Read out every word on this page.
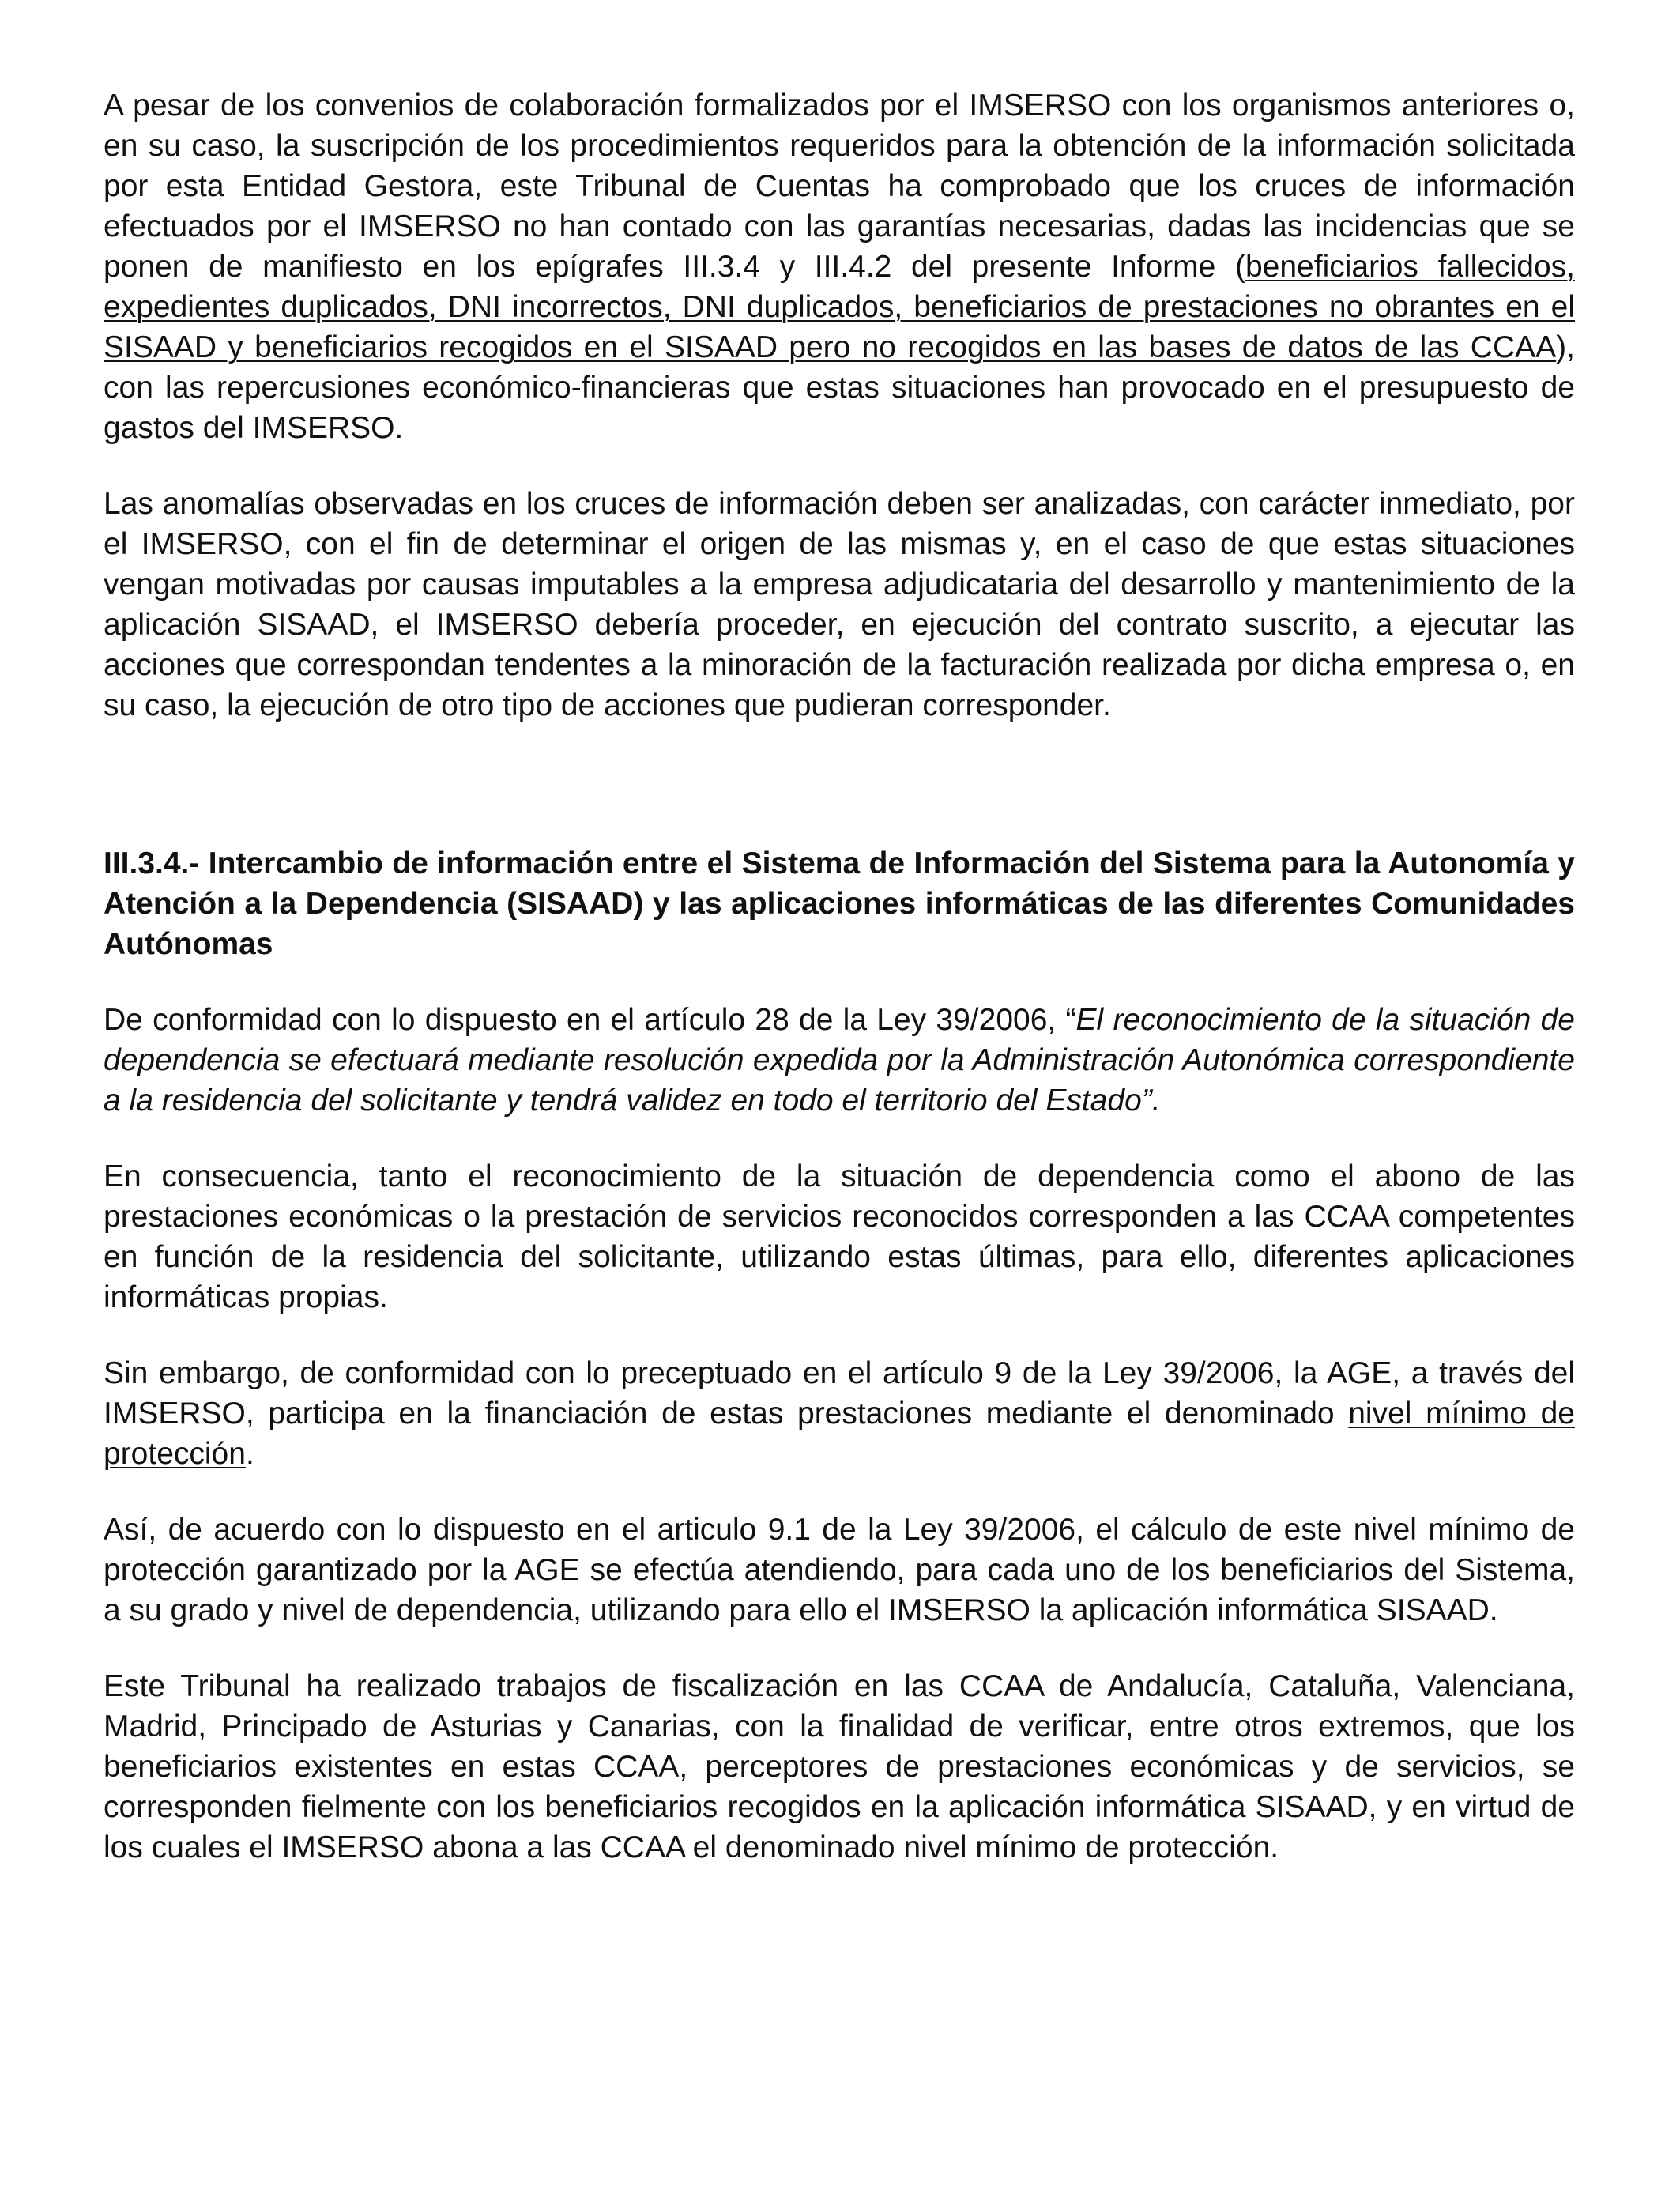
A pesar de los convenios de colaboración formalizados por el IMSERSO con los organismos anteriores o, en su caso, la suscripción de los procedimientos requeridos para la obtención de la información solicitada por esta Entidad Gestora, este Tribunal de Cuentas ha comprobado que los cruces de información efectuados por el IMSERSO no han contado con las garantías necesarias, dadas las incidencias que se ponen de manifiesto en los epígrafes III.3.4 y III.4.2 del presente Informe (beneficiarios fallecidos, expedientes duplicados, DNI incorrectos, DNI duplicados, beneficiarios de prestaciones no obrantes en el SISAAD y beneficiarios recogidos en el SISAAD pero no recogidos en las bases de datos de las CCAA), con las repercusiones económico-financieras que estas situaciones han provocado en el presupuesto de gastos del IMSERSO.

Las anomalías observadas en los cruces de información deben ser analizadas, con carácter inmediato, por el IMSERSO, con el fin de determinar el origen de las mismas y, en el caso de que estas situaciones vengan motivadas por causas imputables a la empresa adjudicataria del desarrollo y mantenimiento de la aplicación SISAAD, el IMSERSO debería proceder, en ejecución del contrato suscrito, a ejecutar las acciones que correspondan tendentes a la minoración de la facturación realizada por dicha empresa o, en su caso, la ejecución de otro tipo de acciones que pudieran corresponder.

III.3.4.- Intercambio de información entre el Sistema de Información del Sistema para la Autonomía y Atención a la Dependencia (SISAAD) y las aplicaciones informáticas de las diferentes Comunidades Autónomas

De conformidad con lo dispuesto en el artículo 28 de la Ley 39/2006, “El reconocimiento de la situación de dependencia se efectuará mediante resolución expedida por la Administración Autonómica correspondiente a la residencia del solicitante y tendrá validez en todo el territorio del Estado”.

En consecuencia, tanto el reconocimiento de la situación de dependencia como el abono de las prestaciones económicas o la prestación de servicios reconocidos corresponden a las CCAA competentes en función de la residencia del solicitante, utilizando estas últimas, para ello, diferentes aplicaciones informáticas propias.

Sin embargo, de conformidad con lo preceptuado en el artículo 9 de la Ley 39/2006, la AGE, a través del IMSERSO, participa en la financiación de estas prestaciones mediante el denominado nivel mínimo de protección.

Así, de acuerdo con lo dispuesto en el articulo 9.1 de la Ley 39/2006, el cálculo de este nivel mínimo de protección garantizado por la AGE se efectúa atendiendo, para cada uno de los beneficiarios del Sistema, a su grado y nivel de dependencia, utilizando para ello el IMSERSO la aplicación informática SISAAD.

Este Tribunal ha realizado trabajos de fiscalización en las CCAA de Andalucía, Cataluña, Valenciana, Madrid, Principado de Asturias y Canarias, con la finalidad de verificar, entre otros extremos, que los beneficiarios existentes en estas CCAA, perceptores de prestaciones económicas y de servicios, se corresponden fielmente con los beneficiarios recogidos en la aplicación informática SISAAD, y en virtud de los cuales el IMSERSO abona a las CCAA el denominado nivel mínimo de protección.
